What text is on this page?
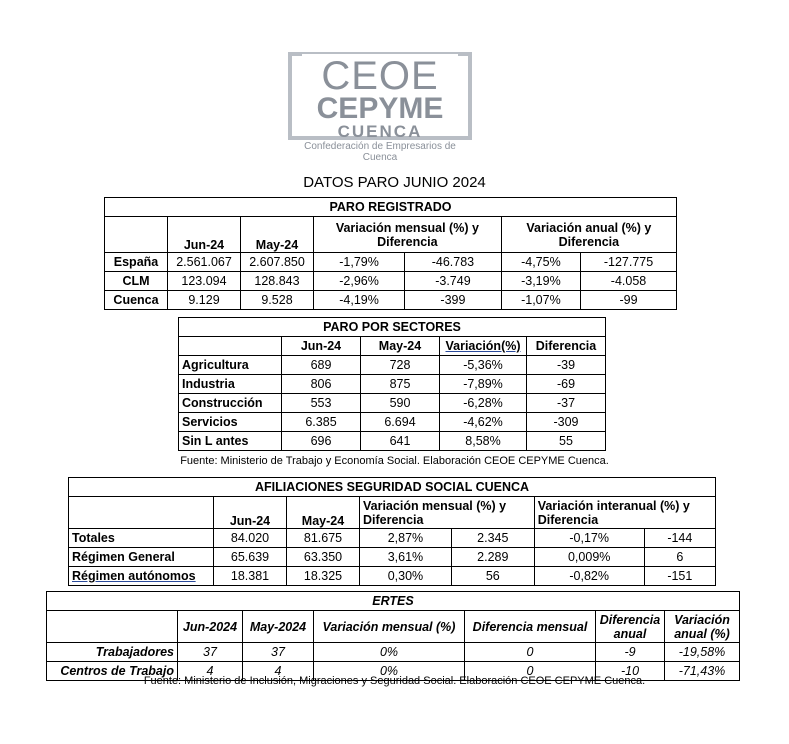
CEOE
CEPYME
CUENCA
Confederación de Empresarios de Cuenca
DATOS PARO JUNIO 2024
PARO REGISTRADO						
	Jun-24	May-24	Variación mensual (%) y Diferencia		Variación anual (%) y Diferencia	
España	2.561.067	2.607.850	-1,79%	-46.783	-4,75%	-127.775
CLM	123.094	128.843	-2,96%	-3.749	-3,19%	-4.058
Cuenca	9.129	9.528	-4,19%	-399	-1,07%	-99
PARO POR SECTORES				
	Jun-24	May-24	Variación(%)	Diferencia
Agricultura	689	728	-5,36%	-39
Industria	806	875	-7,89%	-69
Construcción	553	590	-6,28%	-37
Servicios	6.385	6.694	-4,62%	-309
Sin L antes	696	641	8,58%	55
Fuente: Ministerio de Trabajo y Economía Social. Elaboración CEOE CEPYME Cuenca.
AFILIACIONES SEGURIDAD SOCIAL CUENCA						
	Jun-24	May-24	Variación mensual (%) y Diferencia		Variación interanual (%) y Diferencia	
Totales	84.020	81.675	2,87%	2.345	-0,17%	-144
Régimen General	65.639	63.350	3,61%	2.289	0,009%	6
Régimen autónomos	18.381	18.325	0,30%	56	-0,82%	-151
ERTES						
	Jun-2024	May-2024	Variación mensual (%)	Diferencia mensual	Diferencia anual	Variación anual (%)
Trabajadores	37	37	0%	0	-9	-19,58%
Centros de Trabajo	4	4	0%	0	-10	-71,43%
Fuente: Ministerio de Inclusión, Migraciones y Seguridad Social. Elaboración CEOE CEPYME Cuenca.
